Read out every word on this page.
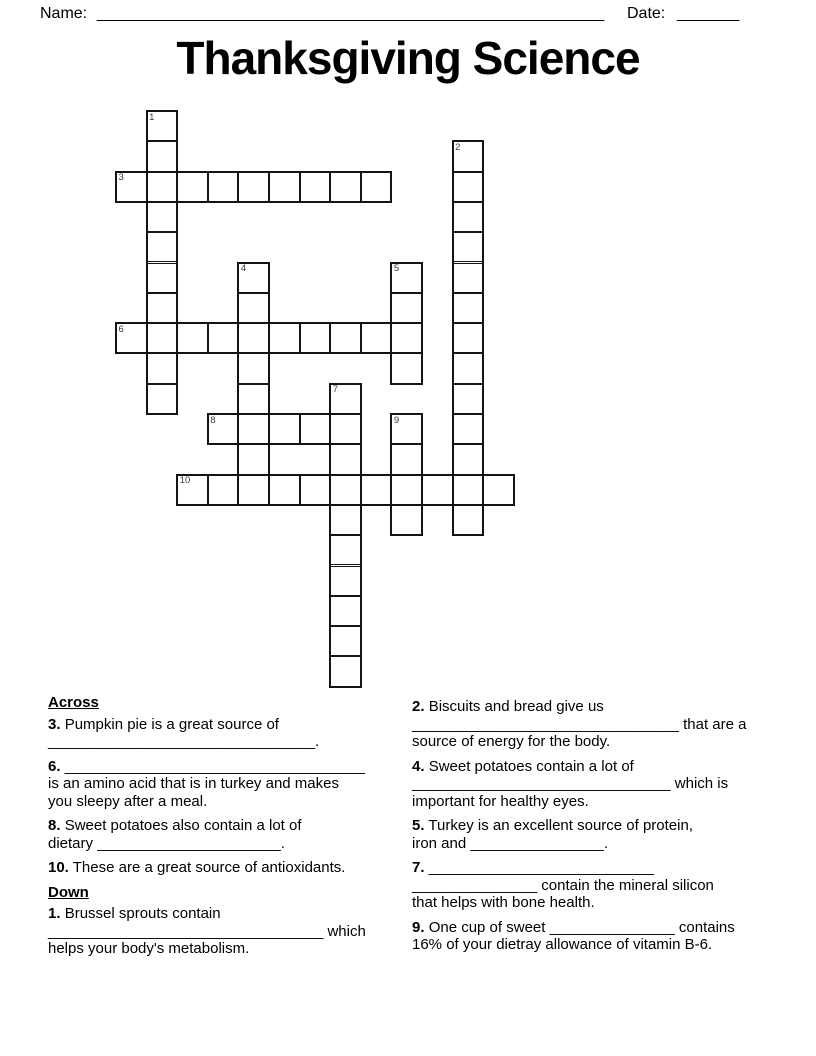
Name: _________________________________________________________ Date: _______
Thanksgiving Science
1
2
3
4	5
6
7
8	9
10
Across

3. Pumpkin pie is a great source of
________________________________.

6. ____________________________________
is an amino acid that is in turkey and makes
you sleepy after a meal.

8. Sweet potatoes also contain a lot of
dietary ______________________.

10. These are a great source of antioxidants.

Down

1. Brussel sprouts contain
_________________________________ which
helps your body's metabolism.

2. Biscuits and bread give us
________________________________ that are a
source of energy for the body.

4. Sweet potatoes contain a lot of
_______________________________ which is
important for healthy eyes.

5. Turkey is an excellent source of protein,
iron and ________________.

7. ___________________________
_______________ contain the mineral silicon
that helps with bone health.

9. One cup of sweet _______________ contains
16% of your dietray allowance of vitamin B-6.
